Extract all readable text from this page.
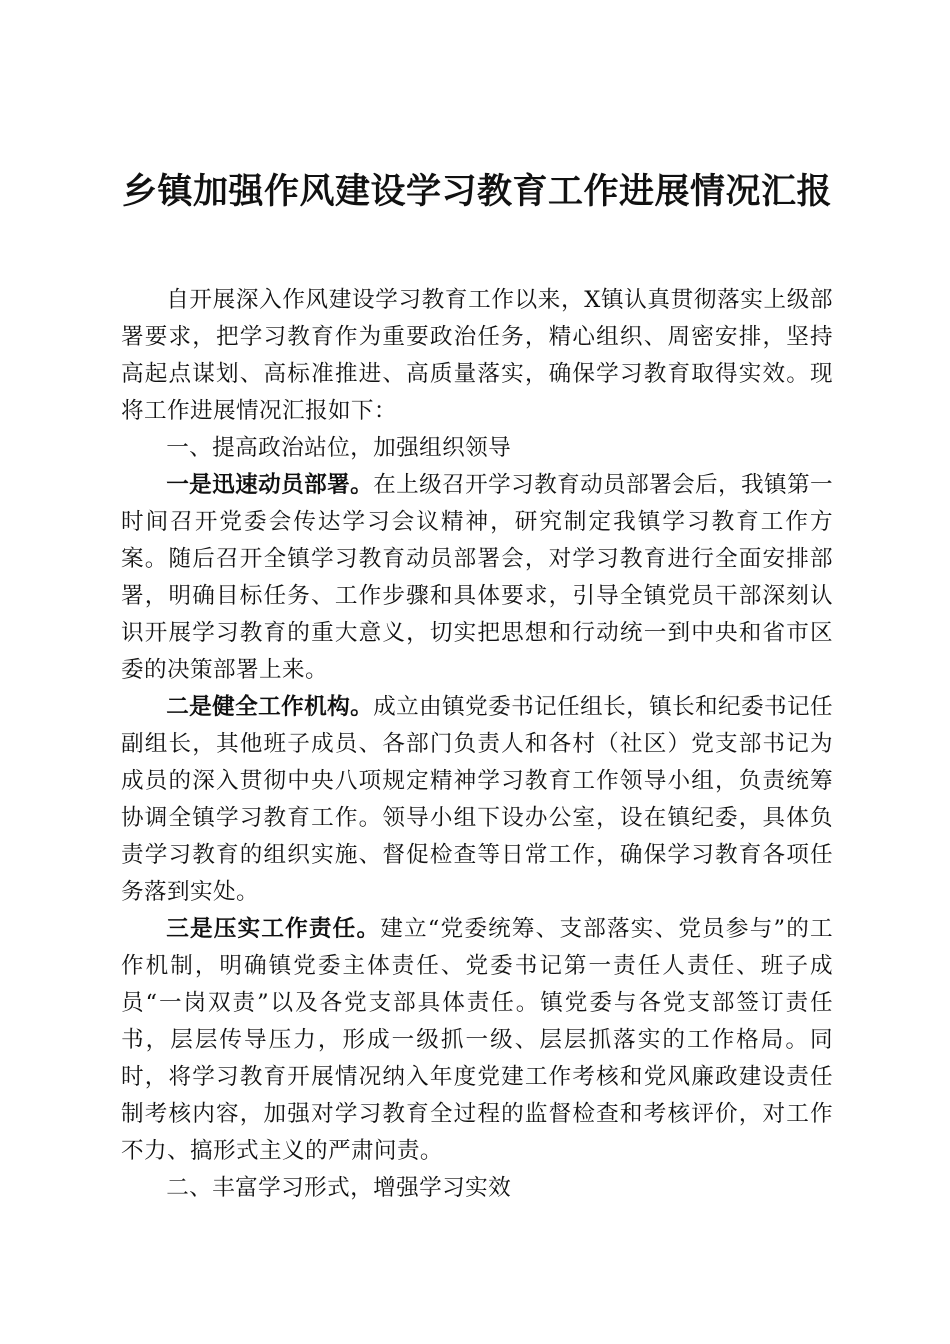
乡镇加强作风建设学习教育工作进展情况汇报

自开展深入作风建设学习教育工作以来，X镇认真贯彻落实上级部署要求，把学习教育作为重要政治任务，精心组织、周密安排，坚持高起点谋划、高标准推进、高质量落实，确保学习教育取得实效。现将工作进展情况汇报如下：

一、提高政治站位，加强组织领导

一是迅速动员部署。在上级召开学习教育动员部署会后，我镇第一时间召开党委会传达学习会议精神，研究制定我镇学习教育工作方案。随后召开全镇学习教育动员部署会，对学习教育进行全面安排部署，明确目标任务、工作步骤和具体要求，引导全镇党员干部深刻认识开展学习教育的重大意义，切实把思想和行动统一到中央和省市区委的决策部署上来。

二是健全工作机构。成立由镇党委书记任组长，镇长和纪委书记任副组长，其他班子成员、各部门负责人和各村（社区）党支部书记为成员的深入贯彻中央八项规定精神学习教育工作领导小组，负责统筹协调全镇学习教育工作。领导小组下设办公室，设在镇纪委，具体负责学习教育的组织实施、督促检查等日常工作，确保学习教育各项任务落到实处。

三是压实工作责任。建立“党委统筹、支部落实、党员参与”的工作机制，明确镇党委主体责任、党委书记第一责任人责任、班子成员“一岗双责”以及各党支部具体责任。镇党委与各党支部签订责任书，层层传导压力，形成一级抓一级、层层抓落实的工作格局。同时，将学习教育开展情况纳入年度党建工作考核和党风廉政建设责任制考核内容，加强对学习教育全过程的监督检查和考核评价，对工作不力、搞形式主义的严肃问责。

二、丰富学习形式，增强学习实效
